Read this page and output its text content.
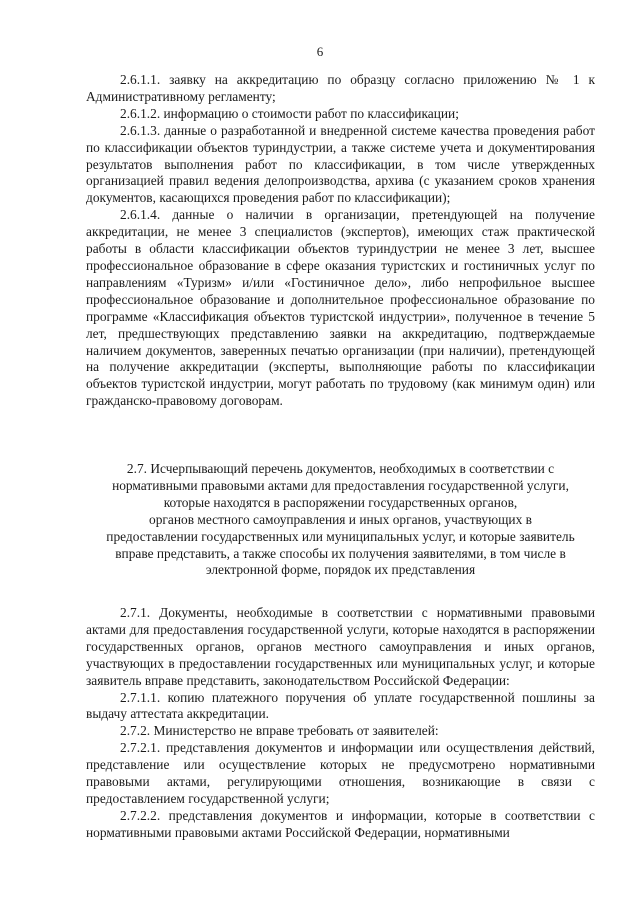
6

2.6.1.1. заявку на аккредитацию по образцу согласно приложению № 1 к Административному регламенту;

2.6.1.2. информацию о стоимости работ по классификации;

2.6.1.3. данные о разработанной и внедренной системе качества проведения работ по классификации объектов туриндустрии, а также системе учета и документирования результатов выполнения работ по классификации, в том числе утвержденных организацией правил ведения делопроизводства, архива (с указанием сроков хранения документов, касающихся проведения работ по классификации);

2.6.1.4. данные о наличии в организации, претендующей на получение аккредитации, не менее 3 специалистов (экспертов), имеющих стаж практической работы в области классификации объектов туриндустрии не менее 3 лет, высшее профессиональное образование в сфере оказания туристских и гостиничных услуг по направлениям «Туризм» и/или «Гостиничное дело», либо непрофильное высшее профессиональное образование и дополнительное профессиональное образование по программе «Классификация объектов туристской индустрии», полученное в течение 5 лет, предшествующих представлению заявки на аккредитацию, подтверждаемые наличием документов, заверенных печатью организации (при наличии), претендующей на получение аккредитации (эксперты, выполняющие работы по классификации объектов туристской индустрии, могут работать по трудовому (как минимум один) или гражданско-правовому договорам.

2.7. Исчерпывающий перечень документов, необходимых в соответствии с

нормативными правовыми актами для предоставления государственной услуги,

которые находятся в распоряжении государственных органов,

органов местного самоуправления и иных органов, участвующих в

предоставлении государственных или муниципальных услуг, и которые заявитель

вправе представить, а также способы их получения заявителями, в том числе в

электронной форме, порядок их представления

2.7.1. Документы, необходимые в соответствии с нормативными правовыми актами для предоставления государственной услуги, которые находятся в распоряжении государственных органов, органов местного самоуправления и иных органов, участвующих в предоставлении государственных или муниципальных услуг, и которые заявитель вправе представить, законодательством Российской Федерации:

2.7.1.1. копию платежного поручения об уплате государственной пошлины за выдачу аттестата аккредитации.

2.7.2. Министерство не вправе требовать от заявителей:

2.7.2.1. представления документов и информации или осуществления действий, представление или осуществление которых не предусмотрено нормативными правовыми актами, регулирующими отношения, возникающие в связи с предоставлением государственной услуги;

2.7.2.2. представления документов и информации, которые в соответствии с нормативными правовыми актами Российской Федерации, нормативными
